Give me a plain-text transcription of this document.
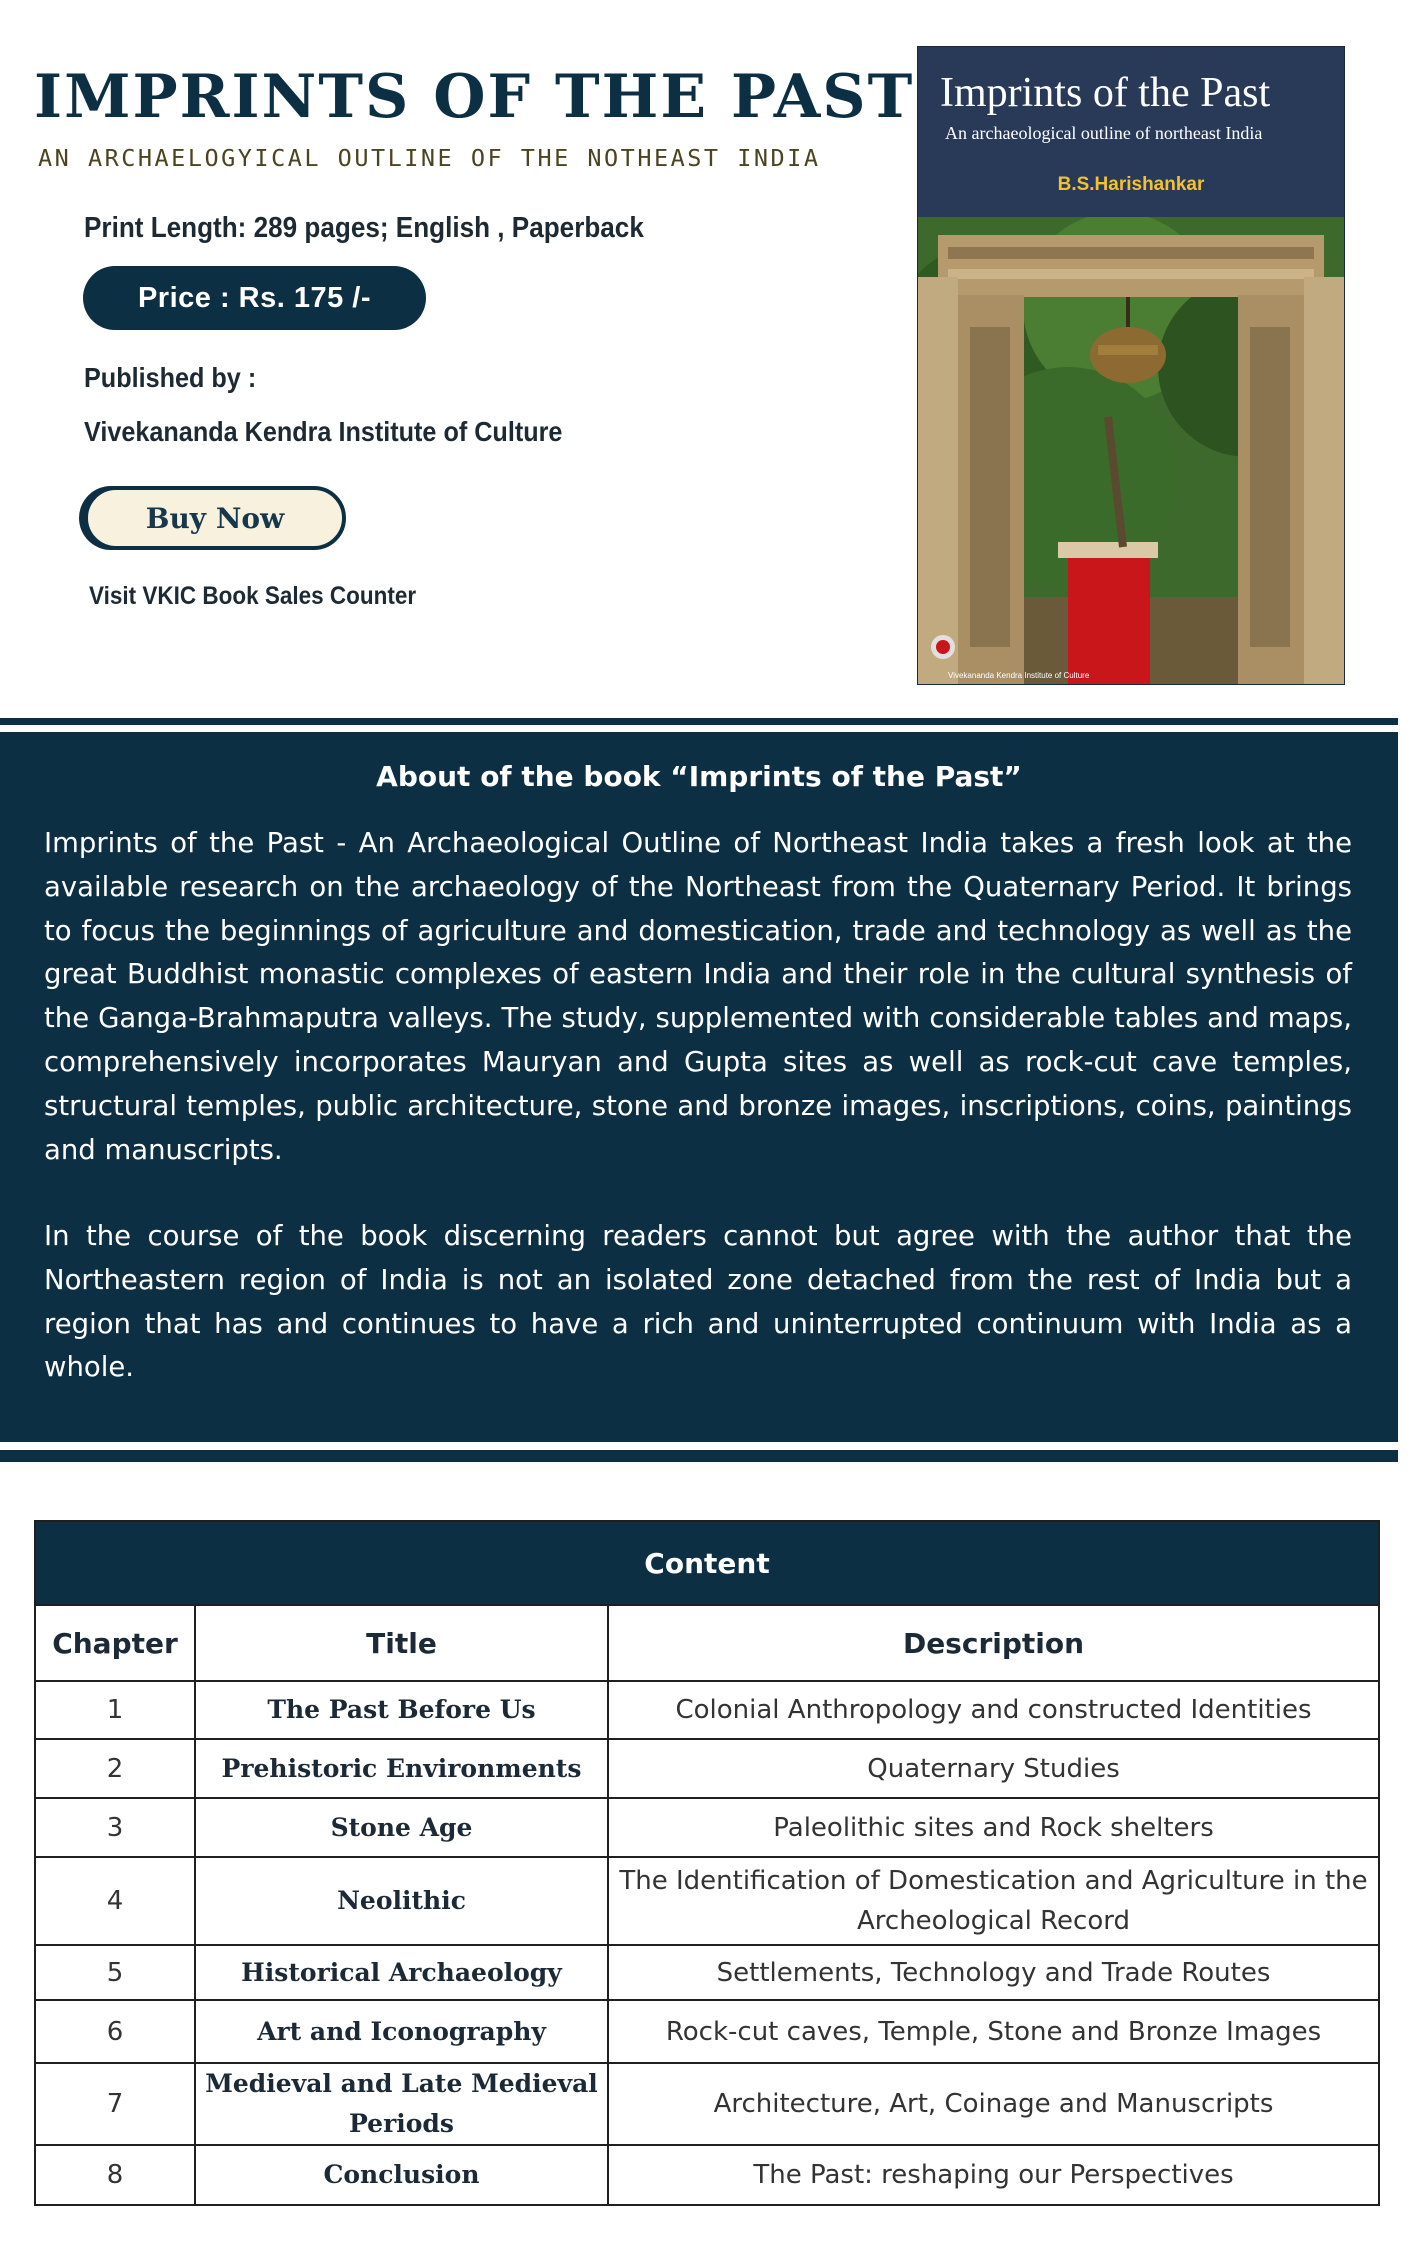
IMPRINTS OF THE PAST

AN ARCHAELOGYICAL OUTLINE OF THE NOTHEAST INDIA

Print Length: 289 pages; English , Paperback
Price : Rs. 175 /-
Published by :
Vivekananda Kendra Institute of Culture
Buy Now
Visit VKIC Book Sales Counter
Imprints of the Past
An archaeological outline of northeast India
B.S.Harishankar
Vivekananda Kendra Institute of Culture
About of the book “Imprints of the Past”

Imprints of the Past - An Archaeological Outline of Northeast India takes a fresh look at the available research on the archaeology of the Northeast from the Quaternary Period. It brings to focus the beginnings of agriculture and domestication, trade and technology as well as the great Buddhist monastic complexes of eastern India and their role in the cultural synthesis of the Ganga-Brahmaputra valleys. The study, supplemented with considerable tables and maps, comprehensively incorporates Mauryan and Gupta sites as well as rock-cut cave temples, structural temples, public architecture, stone and bronze images, inscriptions, coins, paintings and manuscripts.

In the course of the book discerning readers cannot but agree with the author that the Northeastern region of India is not an isolated zone detached from the rest of India but a region that has and continues to have a rich and uninterrupted continuum with India as a whole.

Content		
Chapter	Title	Description
1	The Past Before Us	Colonial Anthropology and constructed Identities
2	Prehistoric Environments	Quaternary Studies
3	Stone Age	Paleolithic sites and Rock shelters
4	Neolithic	The Identification of Domestication and Agriculture in the Archeological Record
5	Historical Archaeology	Settlements, Technology and Trade Routes
6	Art and Iconography	Rock-cut caves, Temple, Stone and Bronze Images
7	Medieval and Late Medieval Periods	Architecture, Art, Coinage and Manuscripts
8	Conclusion	The Past: reshaping our Perspectives
